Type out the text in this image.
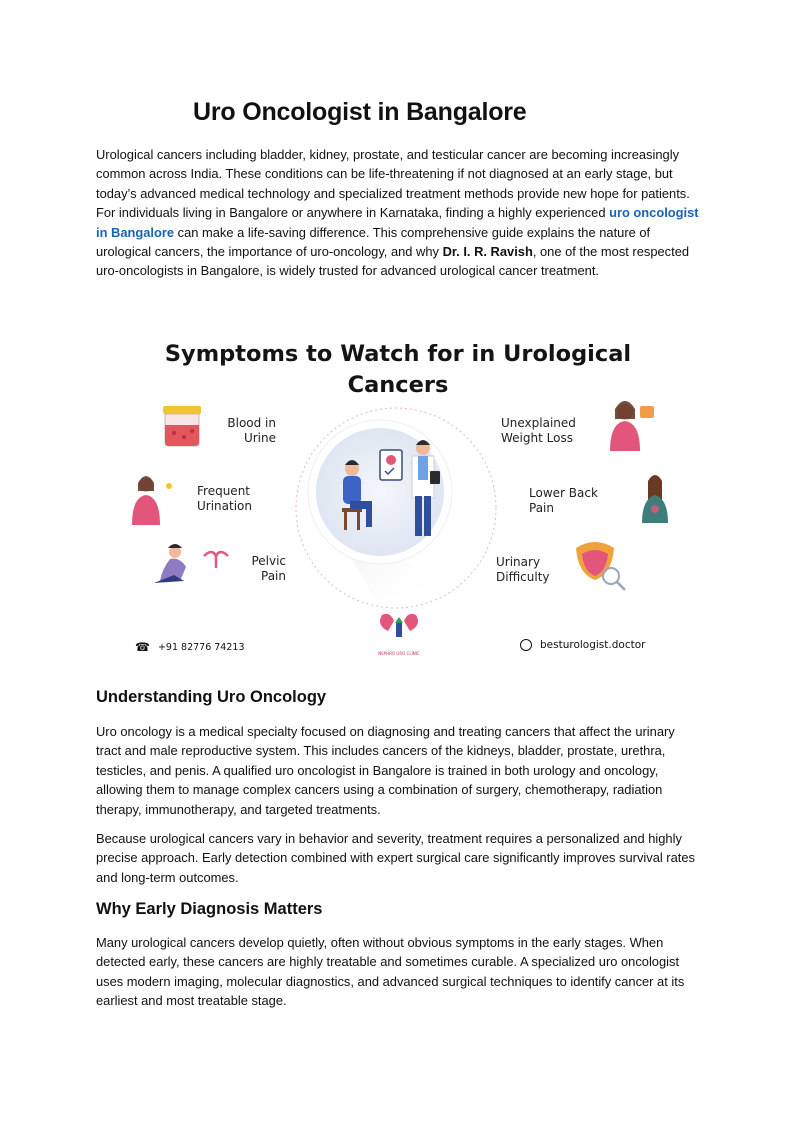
Uro Oncologist in Bangalore

Urological cancers including bladder, kidney, prostate, and testicular cancer are becoming increasingly common across India. These conditions can be life-threatening if not diagnosed at an early stage, but today’s advanced medical technology and specialized treatment methods provide new hope for patients. For individuals living in Bangalore or anywhere in Karnataka, finding a highly experienced uro oncologist in Bangalore can make a life-saving difference. This comprehensive guide explains the nature of urological cancers, the importance of uro-oncology, and why Dr. I. R. Ravish, one of the most respected uro-oncologists in Bangalore, is widely trusted for advanced urological cancer treatment.

Symptoms to Watch for in Urological Cancers
NEPHRO URO CLINIC
Blood in
Urine
Frequent
Urination
Pelvic
Pain
Unexplained
Weight Loss
Lower Back
Pain
Urinary
Difficulty
☎ +91 82776 74213	besturologist.doctor
Understanding Uro Oncology

Uro oncology is a medical specialty focused on diagnosing and treating cancers that affect the urinary tract and male reproductive system. This includes cancers of the kidneys, bladder, prostate, urethra, testicles, and penis. A qualified uro oncologist in Bangalore is trained in both urology and oncology, allowing them to manage complex cancers using a combination of surgery, chemotherapy, radiation therapy, immunotherapy, and targeted treatments.

Because urological cancers vary in behavior and severity, treatment requires a personalized and highly precise approach. Early detection combined with expert surgical care significantly improves survival rates and long-term outcomes.

Why Early Diagnosis Matters

Many urological cancers develop quietly, often without obvious symptoms in the early stages. When detected early, these cancers are highly treatable and sometimes curable. A specialized uro oncologist uses modern imaging, molecular diagnostics, and advanced surgical techniques to identify cancer at its earliest and most treatable stage.
